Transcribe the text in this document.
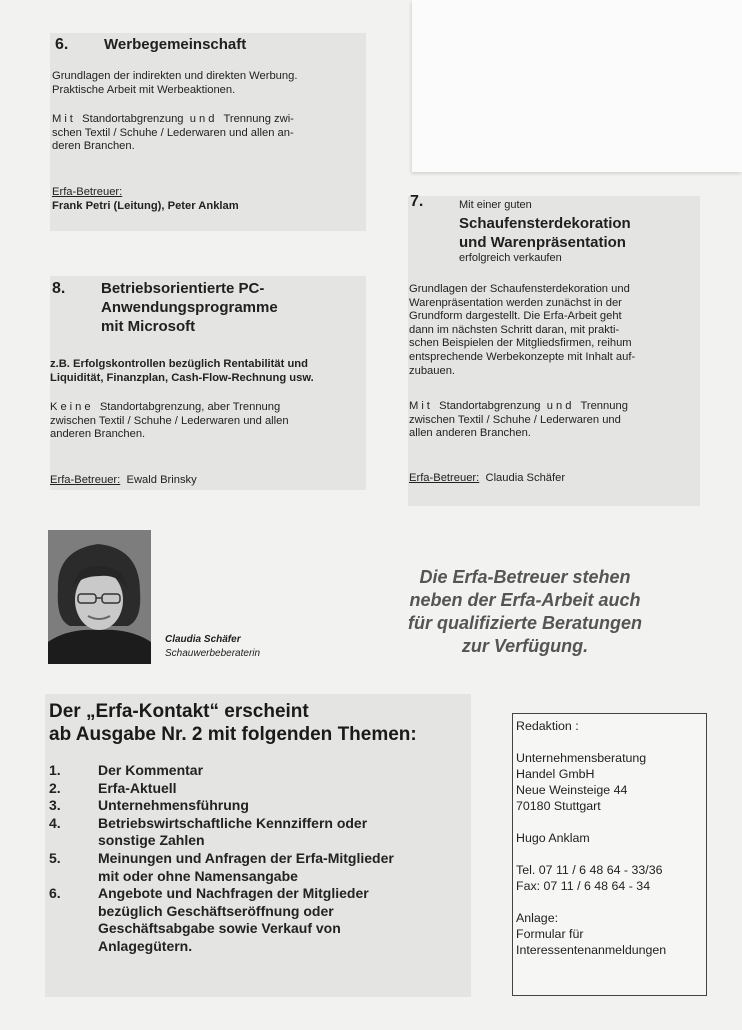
6. Werbegemeinschaft
Grundlagen der indirekten und direkten Werbung.
Praktische Arbeit mit Werbeaktionen.
Mit Standortabgrenzung und Trennung zwi-
schen Textil / Schuhe / Lederwaren und allen an-
deren Branchen.
Erfa-Betreuer:
Frank Petri (Leitung), Peter Anklam	7.	Mit einer guten
Schaufensterdekoration
und Warenpräsentation
erfolgreich verkaufen
Grundlagen der Schaufensterdekoration und
Warenpräsentation werden zunächst in der
Grundform dargestellt. Die Erfa-Arbeit geht
dann im nächsten Schritt daran, mit prakti-
schen Beispielen der Mitgliedsfirmen, reihum
entsprechende Werbekonzepte mit Inhalt auf-
zubauen.
Mit Standortabgrenzung und Trennung
zwischen Textil / Schuhe / Lederwaren und
allen anderen Branchen.
Erfa-Betreuer: Claudia Schäfer
8. Betriebsorientierte PC-
Anwendungsprogramme
mit Microsoft
z.B. Erfolgskontrollen bezüglich Rentabilität und
Liquidität, Finanzplan, Cash-Flow-Rechnung usw.
Keine Standortabgrenzung, aber Trennung
zwischen Textil / Schuhe / Lederwaren und allen
anderen Branchen.
Erfa-Betreuer: Ewald Brinsky
Claudia Schäfer
Schauwerbeberaterin
Die Erfa-Betreuer stehen
neben der Erfa-Arbeit auch
für qualifizierte Beratungen
zur Verfügung.
Der „Erfa-Kontakt“ erscheint
ab Ausgabe Nr. 2 mit folgenden Themen:
1.	Der Kommentar
2.	Erfa-Aktuell
3.	Unternehmensführung
4.	Betriebswirtschaftliche Kennziffern oder
sonstige Zahlen
5.	Meinungen und Anfragen der Erfa-Mitglieder
mit oder ohne Namensangabe
6.	Angebote und Nachfragen der Mitglieder
bezüglich Geschäftseröffnung oder
Geschäftsabgabe sowie Verkauf von
Anlagegütern.
Redaktion :
Unternehmensberatung
Handel GmbH
Neue Weinsteige 44
70180 Stuttgart
Hugo Anklam
Tel. 07 11 / 6 48 64 - 33/36
Fax: 07 11 / 6 48 64 - 34
Anlage:
Formular für
Interessentenanmeldungen
